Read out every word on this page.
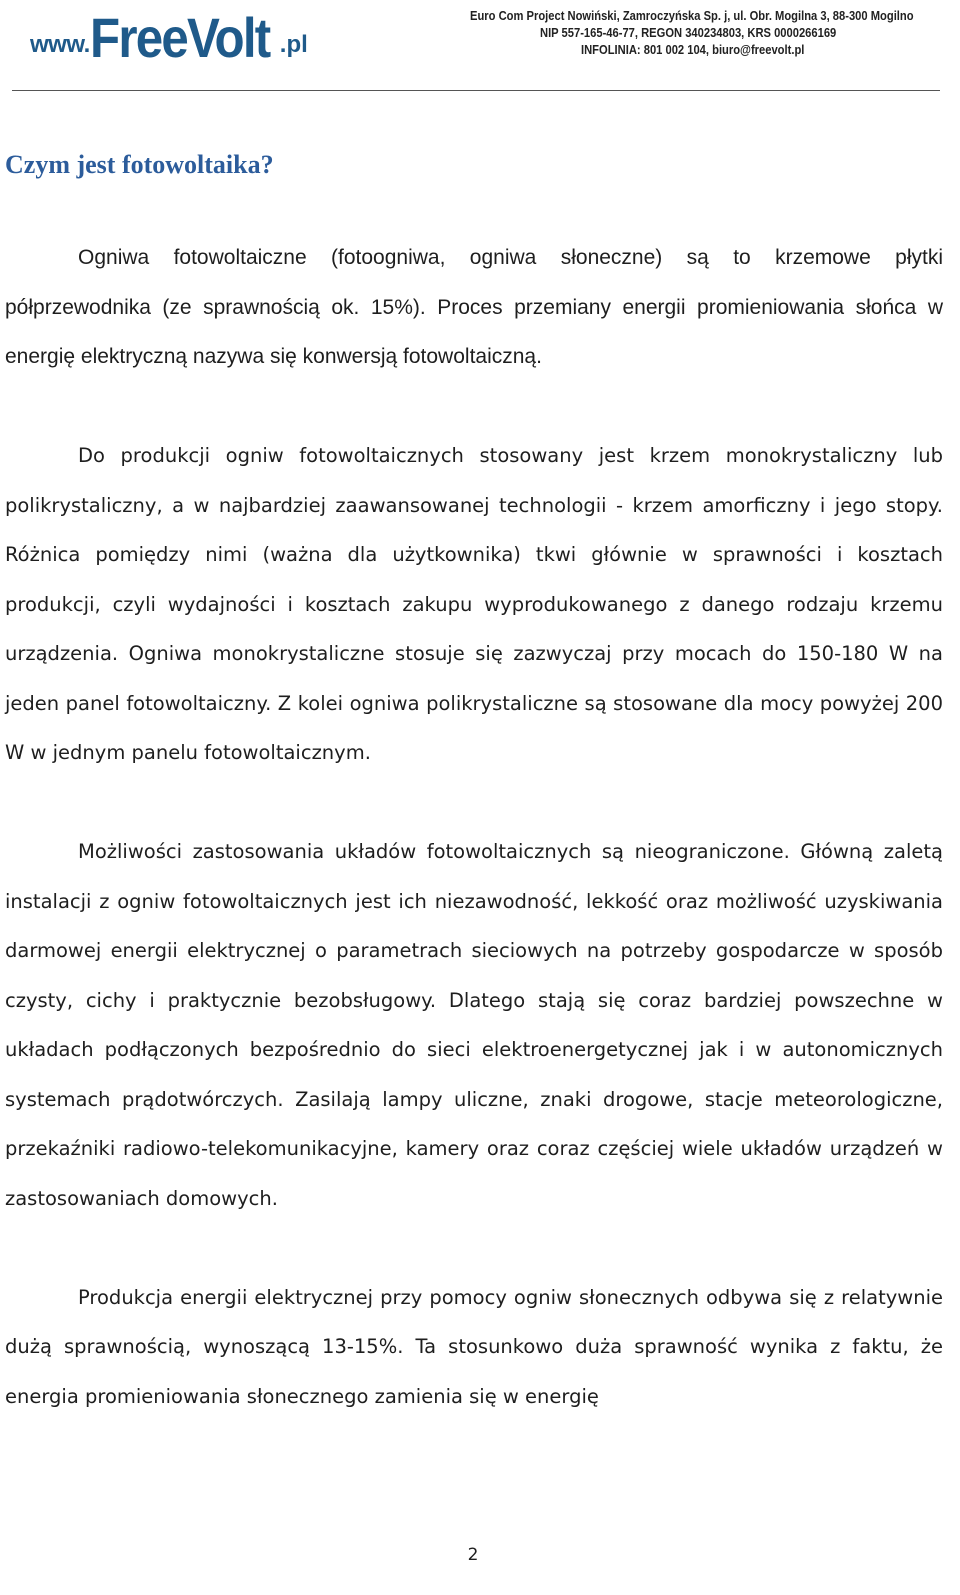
www. FreeVolt .pl
Euro Com Project Nowiński, Zamroczyńska Sp. j, ul. Obr. Mogilna 3, 88-300 Mogilno
NIP 557-165-46-77, REGON 340234803, KRS 0000266169
INFOLINIA: 801 002 104, biuro@freevolt.pl
Czym jest fotowoltaika?

Ogniwa fotowoltaiczne (fotoogniwa, ogniwa słoneczne) są to krzemowe płytki półprzewodnika (ze sprawnością ok. 15%). Proces przemiany energii promieniowania słońca w energię elektryczną nazywa się konwersją fotowoltaiczną.

Do produkcji ogniw fotowoltaicznych stosowany jest krzem monokrystaliczny lub polikrystaliczny, a w najbardziej zaawansowanej technologii - krzem amorficzny i jego stopy. Różnica pomiędzy nimi (ważna dla użytkownika) tkwi głównie w sprawności i kosztach produkcji, czyli wydajności i kosztach zakupu wyprodukowanego z danego rodzaju krzemu urządzenia. Ogniwa monokrystaliczne stosuje się zazwyczaj przy mocach do 150-180 W na jeden panel fotowoltaiczny. Z kolei ogniwa polikrystaliczne są stosowane dla mocy powyżej 200 W w jednym panelu fotowoltaicznym.

Możliwości zastosowania układów fotowoltaicznych są nieograniczone. Główną zaletą instalacji z ogniw fotowoltaicznych jest ich niezawodność, lekkość oraz możliwość uzyskiwania darmowej energii elektrycznej o parametrach sieciowych na potrzeby gospodarcze w sposób czysty, cichy i praktycznie bezobsługowy. Dlatego stają się coraz bardziej powszechne w układach podłączonych bezpośrednio do sieci elektroenergetycznej jak i w autonomicznych systemach prądotwórczych. Zasilają lampy uliczne, znaki drogowe, stacje meteorologiczne, przekaźniki radiowo-telekomunikacyjne, kamery oraz coraz częściej wiele układów urządzeń w zastosowaniach domowych.

Produkcja energii elektrycznej przy pomocy ogniw słonecznych odbywa się z relatywnie dużą sprawnością, wynoszącą 13-15%. Ta stosunkowo duża sprawność wynika z faktu, że energia promieniowania słonecznego zamienia się w energię

2
